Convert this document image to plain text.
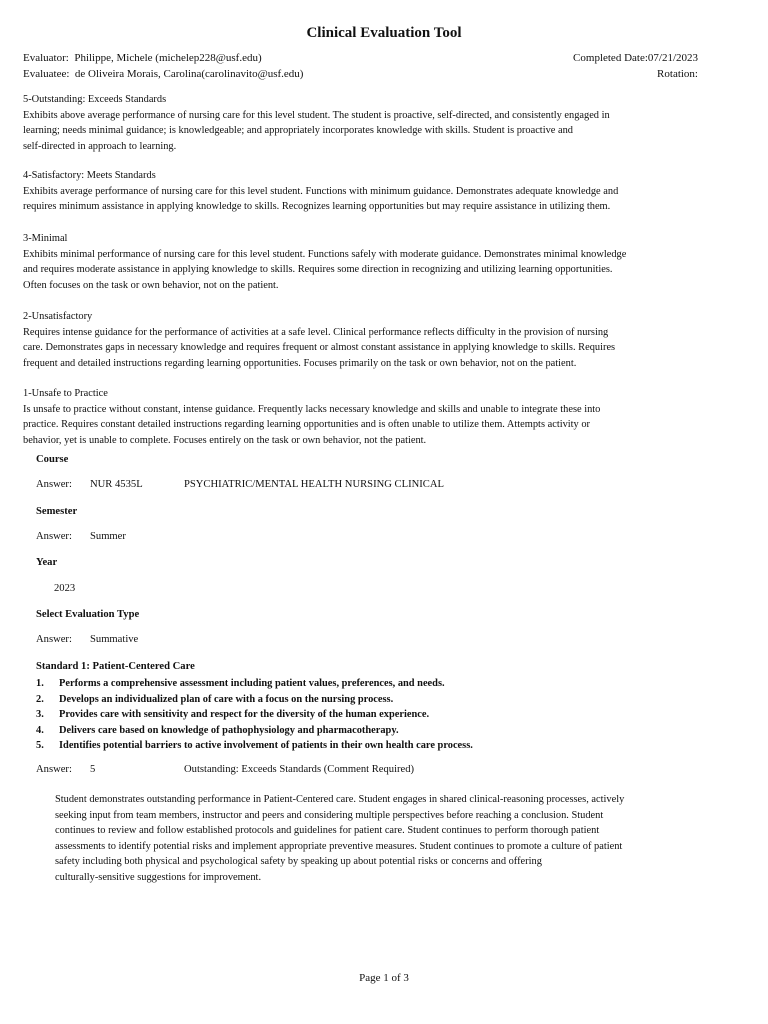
Clinical Evaluation Tool
Evaluator: Philippe, Michele (michelep228@usf.edu)	Completed Date:07/21/2023
Evaluatee: de Oliveira Morais, Carolina(carolinavito@usf.edu)	Rotation:
5-Outstanding: Exceeds Standards
Exhibits above average performance of nursing care for this level student. The student is proactive, self-directed, and consistently engaged in
learning; needs minimal guidance; is knowledgeable; and appropriately incorporates knowledge with skills. Student is proactive and
self-directed in approach to learning.
4-Satisfactory: Meets Standards
Exhibits average performance of nursing care for this level student. Functions with minimum guidance. Demonstrates adequate knowledge and
requires minimum assistance in applying knowledge to skills. Recognizes learning opportunities but may require assistance in utilizing them.
3-Minimal
Exhibits minimal performance of nursing care for this level student. Functions safely with moderate guidance. Demonstrates minimal knowledge
and requires moderate assistance in applying knowledge to skills. Requires some direction in recognizing and utilizing learning opportunities.
Often focuses on the task or own behavior, not on the patient.
2-Unsatisfactory
Requires intense guidance for the performance of activities at a safe level. Clinical performance reflects difficulty in the provision of nursing
care. Demonstrates gaps in necessary knowledge and requires frequent or almost constant assistance in applying knowledge to skills. Requires
frequent and detailed instructions regarding learning opportunities. Focuses primarily on the task or own behavior, not on the patient.
1-Unsafe to Practice
Is unsafe to practice without constant, intense guidance. Frequently lacks necessary knowledge and skills and unable to integrate these into
practice. Requires constant detailed instructions regarding learning opportunities and is often unable to utilize them. Attempts activity or
behavior, yet is unable to complete. Focuses entirely on the task or own behavior, not the patient.
Course
Answer: NUR 4535L	PSYCHIATRIC/MENTAL HEALTH NURSING CLINICAL
Semester
Answer: Summer
Year
2023
Select Evaluation Type
Answer: Summative
Standard 1: Patient-Centered Care
1. Performs a comprehensive assessment including patient values, preferences, and needs.
2. Develops an individualized plan of care with a focus on the nursing process.
3. Provides care with sensitivity and respect for the diversity of the human experience.
4. Delivers care based on knowledge of pathophysiology and pharmacotherapy.
5. Identifies potential barriers to active involvement of patients in their own health care process.
Answer: 5	Outstanding: Exceeds Standards (Comment Required)
Student demonstrates outstanding performance in Patient-Centered care. Student engages in shared clinical-reasoning processes, actively
seeking input from team members, instructor and peers and considering multiple perspectives before reaching a conclusion. Student
continues to review and follow established protocols and guidelines for patient care. Student continues to perform thorough patient
assessments to identify potential risks and implement appropriate preventive measures. Student continues to promote a culture of patient
safety including both physical and psychological safety by speaking up about potential risks or concerns and offering
culturally-sensitive suggestions for improvement.
Page 1 of 3
